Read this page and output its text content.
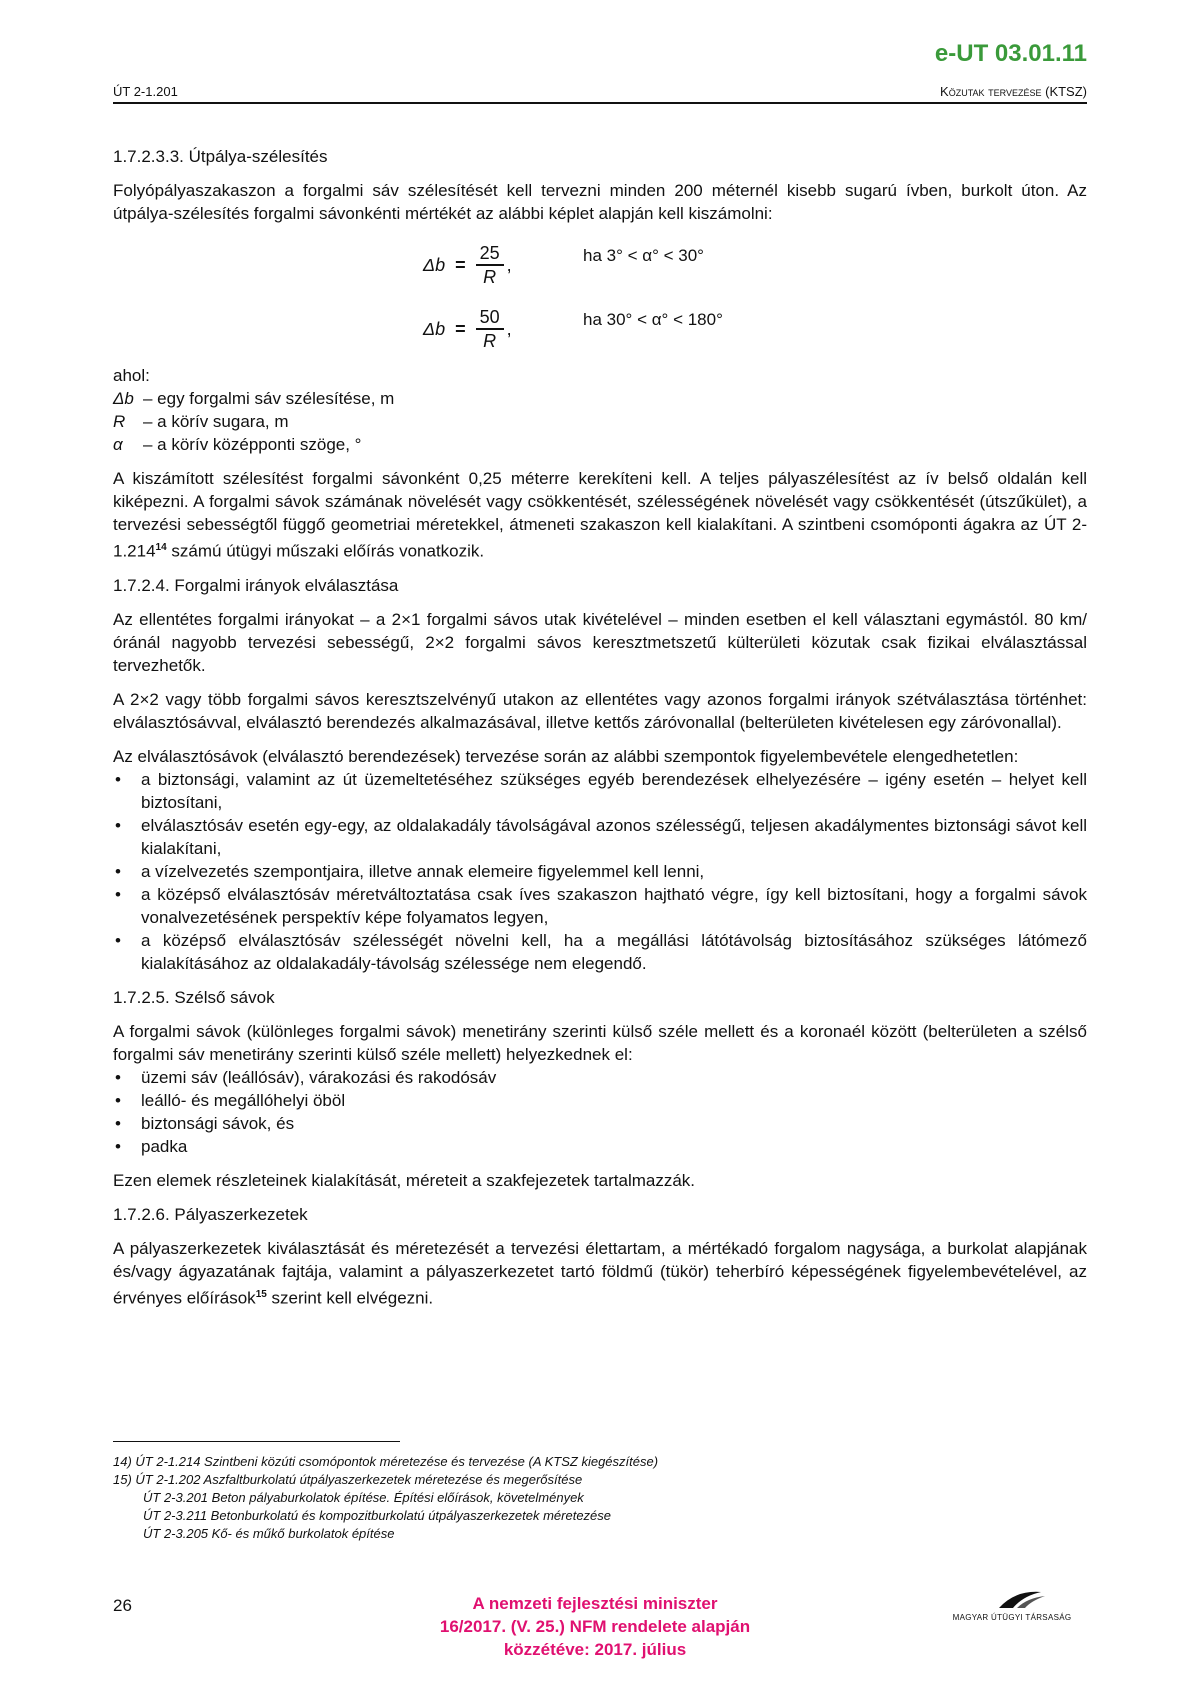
e-UT 03.01.11
ÚT 2-1.201	Közutak tervezése (KTSZ)
1.7.2.3.3. Útpálya-szélesítés

Folyópályaszakaszon a forgalmi sáv szélesítését kell tervezni minden 200 méternél kisebb sugarú ívben, burkolt úton. Az útpálya-szélesítés forgalmi sávonkénti mértékét az alábbi képlet alapján kell kiszámolni:

$\Delta b = \frac{25}{R}$ ,	ha 3° < α° < 30°
$\Delta b = \frac{50}{R}$ ,	ha 30° < α° < 180°
ahol:
Δb – egy forgalmi sáv szélesítése, m
R	– a körív sugara, m
α	– a körív középponti szöge, °

A kiszámított szélesítést forgalmi sávonként 0,25 méterre kerekíteni kell. A teljes pályaszélesítést az ív belső oldalán kell kiképezni. A forgalmi sávok számának növelését vagy csökkentését, szélességének növelését vagy csökkentését (útszűkület), a tervezési sebességtől függő geometriai méretekkel, átmeneti szakaszon kell kialakítani. A szintbeni csomóponti ágakra az ÚT 2-1.214$^{14}$ számú útügyi műszaki előírás vonatkozik.

1.7.2.4. Forgalmi irányok elválasztása

Az ellentétes forgalmi irányokat – a 2×1 forgalmi sávos utak kivételével – minden esetben el kell választani egymástól. 80 km/óránál nagyobb tervezési sebességű, 2×2 forgalmi sávos keresztmetszetű külterületi közutak csak fizikai elválasztással tervezhetők.

A 2×2 vagy több forgalmi sávos keresztszelvényű utakon az ellentétes vagy azonos forgalmi irányok szétválasztása történhet: elválasztósávval, elválasztó berendezés alkalmazásával, illetve kettős záróvonallal (belterületen kivételesen egy záróvonallal).

Az elválasztósávok (elválasztó berendezések) tervezése során az alábbi szempontok figyelembevétele elengedhetetlen:

• a biztonsági, valamint az út üzemeltetéséhez szükséges egyéb berendezések elhelyezésére – igény esetén – helyet kell biztosítani,
• elválasztósáv esetén egy-egy, az oldalakadály távolságával azonos szélességű, teljesen akadálymentes biztonsági sávot kell kialakítani,
• a vízelvezetés szempontjaira, illetve annak elemeire figyelemmel kell lenni,
• a középső elválasztósáv méretváltoztatása csak íves szakaszon hajtható végre, így kell biztosítani, hogy a forgalmi sávok vonalvezetésének perspektív képe folyamatos legyen,
• a középső elválasztósáv szélességét növelni kell, ha a megállási látótávolság biztosításához szükséges látómező kialakításához az oldalakadály-távolság szélessége nem elegendő.
1.7.2.5. Szélső sávok

A forgalmi sávok (különleges forgalmi sávok) menetirány szerinti külső széle mellett és a koronaél között (belterületen a szélső forgalmi sáv menetirány szerinti külső széle mellett) helyezkednek el:

• üzemi sáv (leállósáv), várakozási és rakodósáv
• leálló- és megállóhelyi öböl
• biztonsági sávok, és
• padka

Ezen elemek részleteinek kialakítását, méreteit a szakfejezetek tartalmazzák.

1.7.2.6. Pályaszerkezetek

A pályaszerkezetek kiválasztását és méretezését a tervezési élettartam, a mértékadó forgalom nagysága, a burkolat alapjának és/vagy ágyazatának fajtája, valamint a pályaszerkezetet tartó földmű (tükör) teherbíró képességének figyelembevételével, az érvényes előírások$^{15}$ szerint kell elvégezni.

14) ÚT 2-1.214 Szintbeni közúti csomópontok méretezése és tervezése (A KTSZ kiegészítése)
15) ÚT 2-1.202 Aszfaltburkolatú útpályaszerkezetek méretezése és megerősítése
ÚT 2-3.201 Beton pályaburkolatok építése. Építési előírások, követelmények
ÚT 2-3.211 Betonburkolatú és kompozitburkolatú útpályaszerkezetek méretezése
ÚT 2-3.205 Kő- és műkő burkolatok építése
26	A nemzeti fejlesztési miniszter
16/2017. (V. 25.) NFM rendelete alapján
közzétéve: 2017. július
MAGYAR ÚTÜGYI TÁRSASÁG
